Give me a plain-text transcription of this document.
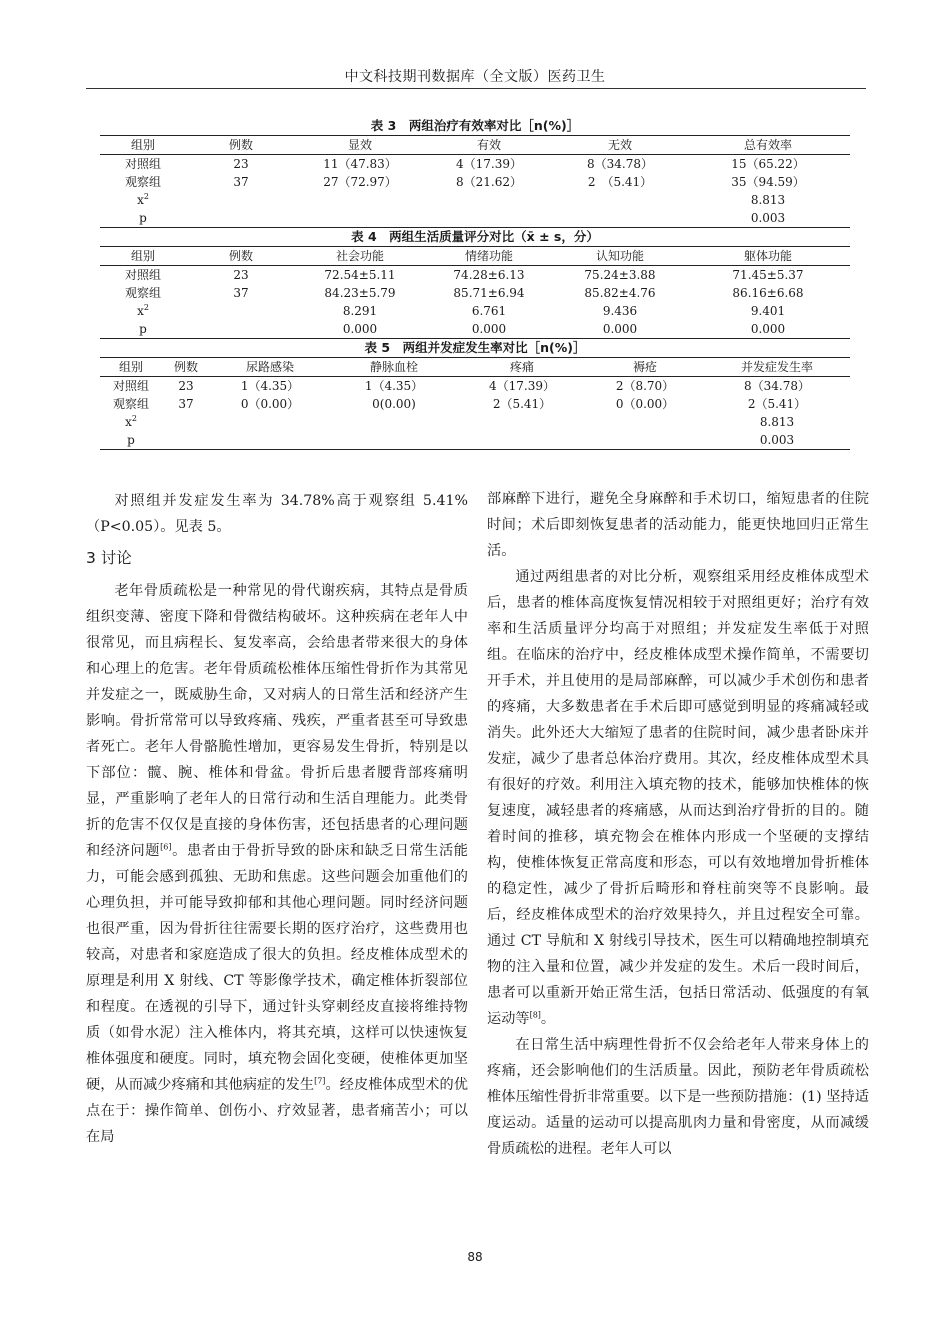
中文科技期刊数据库（全文版）医药卫生
表 3　两组治疗有效率对比［n(%)］
组别	例数	显效	有效	无效	总有效率
对照组	23	11（47.83）	4（17.39）	8（34.78）	15（65.22）
观察组	37	27（72.97）	8（21.62）	2　（5.41）	35（94.59）
$x^2$					8.813
p					0.003
表 4　两组生活质量评分对比（x̄ ± s，分）
组别	例数	社会功能	情绪功能	认知功能	躯体功能
对照组	23	72.54±5.11	74.28±6.13	75.24±3.88	71.45±5.37
观察组	37	84.23±5.79	85.71±6.94	85.82±4.76	86.16±6.68
$x^2$		8.291	6.761	9.436	9.401
p		0.000	0.000	0.000	0.000
表 5　两组并发症发生率对比［n(%)］
组别	例数	尿路感染	静脉血栓	疼痛	褥疮	并发症发生率
对照组	23	1（4.35）	1（4.35）	4（17.39）	2（8.70）	8（34.78）
观察组	37	0（0.00）	0(0.00)	2（5.41）	0（0.00）	2（5.41）
$x^2$						8.813
p						0.003

对照组并发症发生率为 34.78%高于观察组 5.41%（P<0.05）。见表 5。

3 讨论

老年骨质疏松是一种常见的骨代谢疾病，其特点是骨质组织变薄、密度下降和骨微结构破坏。这种疾病在老年人中很常见，而且病程长、复发率高，会给患者带来很大的身体和心理上的危害。老年骨质疏松椎体压缩性骨折作为其常见并发症之一，既威胁生命，又对病人的日常生活和经济产生影响。骨折常常可以导致疼痛、残疾，严重者甚至可导致患者死亡。老年人骨骼脆性增加，更容易发生骨折，特别是以下部位：髋、腕、椎体和骨盆。骨折后患者腰背部疼痛明显，严重影响了老年人的日常行动和生活自理能力。此类骨折的危害不仅仅是直接的身体伤害，还包括患者的心理问题和经济问题[6]。患者由于骨折导致的卧床和缺乏日常生活能力，可能会感到孤独、无助和焦虑。这些问题会加重他们的心理负担，并可能导致抑郁和其他心理问题。同时经济问题也很严重，因为骨折往往需要长期的医疗治疗，这些费用也较高，对患者和家庭造成了很大的负担。经皮椎体成型术的原理是利用 X 射线、CT 等影像学技术，确定椎体折裂部位和程度。在透视的引导下，通过针头穿刺经皮直接将维持物质（如骨水泥）注入椎体内，将其充填，这样可以快速恢复椎体强度和硬度。同时，填充物会固化变硬，使椎体更加坚硬，从而减少疼痛和其他病症的发生[7]。经皮椎体成型术的优点在于：操作简单、创伤小、疗效显著，患者痛苦小；可以在局

部麻醉下进行，避免全身麻醉和手术切口，缩短患者的住院时间；术后即刻恢复患者的活动能力，能更快地回归正常生活。

通过两组患者的对比分析，观察组采用经皮椎体成型术后，患者的椎体高度恢复情况相较于对照组更好；治疗有效率和生活质量评分均高于对照组；并发症发生率低于对照组。在临床的治疗中，经皮椎体成型术操作简单，不需要切开手术，并且使用的是局部麻醉，可以减少手术创伤和患者的疼痛，大多数患者在手术后即可感觉到明显的疼痛减轻或消失。此外还大大缩短了患者的住院时间，减少患者卧床并发症，减少了患者总体治疗费用。其次，经皮椎体成型术具有很好的疗效。利用注入填充物的技术，能够加快椎体的恢复速度，减轻患者的疼痛感，从而达到治疗骨折的目的。随着时间的推移，填充物会在椎体内形成一个坚硬的支撑结构，使椎体恢复正常高度和形态，可以有效地增加骨折椎体的稳定性，减少了骨折后畸形和脊柱前突等不良影响。最后，经皮椎体成型术的治疗效果持久，并且过程安全可靠。通过 CT 导航和 X 射线引导技术，医生可以精确地控制填充物的注入量和位置，减少并发症的发生。术后一段时间后，患者可以重新开始正常生活，包括日常活动、低强度的有氧运动等[8]。

在日常生活中病理性骨折不仅会给老年人带来身体上的疼痛，还会影响他们的生活质量。因此，预防老年骨质疏松椎体压缩性骨折非常重要。以下是一些预防措施：(1) 坚持适度运动。适量的运动可以提高肌肉力量和骨密度，从而减缓骨质疏松的进程。老年人可以

88
